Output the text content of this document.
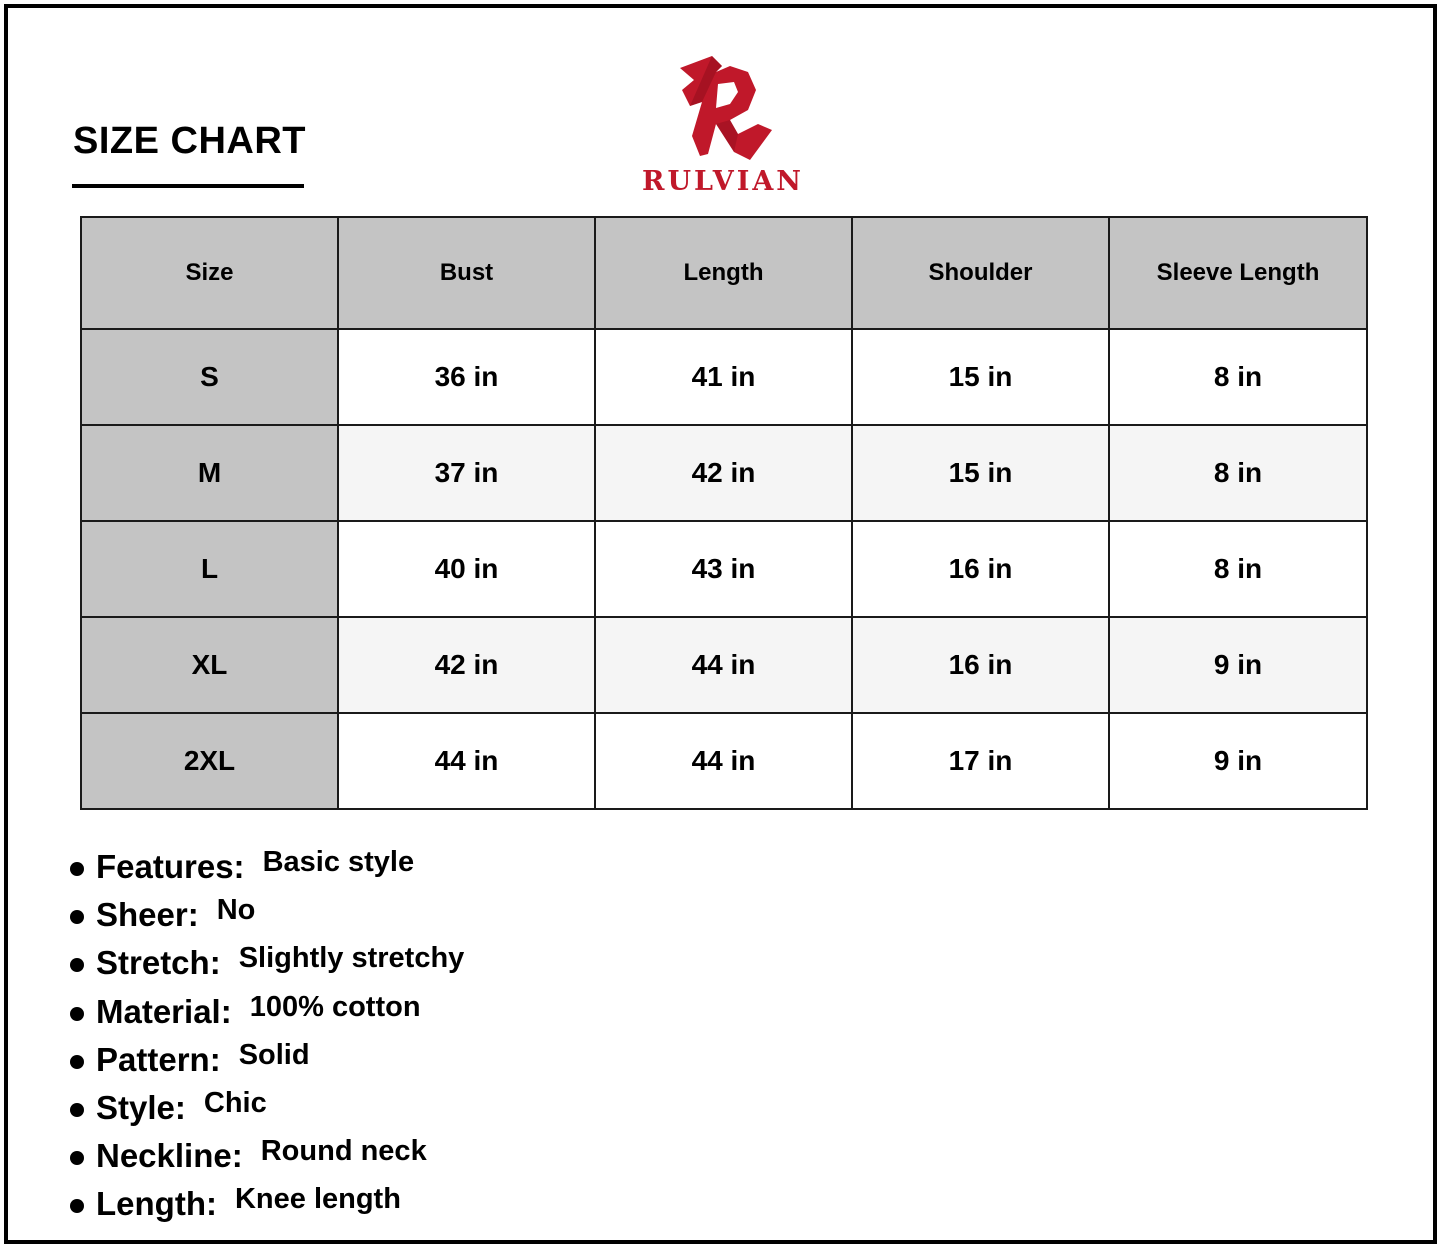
SIZE CHART
RULVIAN
Size	Bust	Length	Shoulder	Sleeve Length
S	36 in	41 in	15 in	8 in
M	37 in	42 in	15 in	8 in
L	40 in	43 in	16 in	8 in
XL	42 in	44 in	16 in	9 in
2XL	44 in	44 in	17 in	9 in
Features: Basic style
Sheer: No
Stretch: Slightly stretchy
Material: 100% cotton
Pattern: Solid
Style: Chic
Neckline: Round neck
Length: Knee length
